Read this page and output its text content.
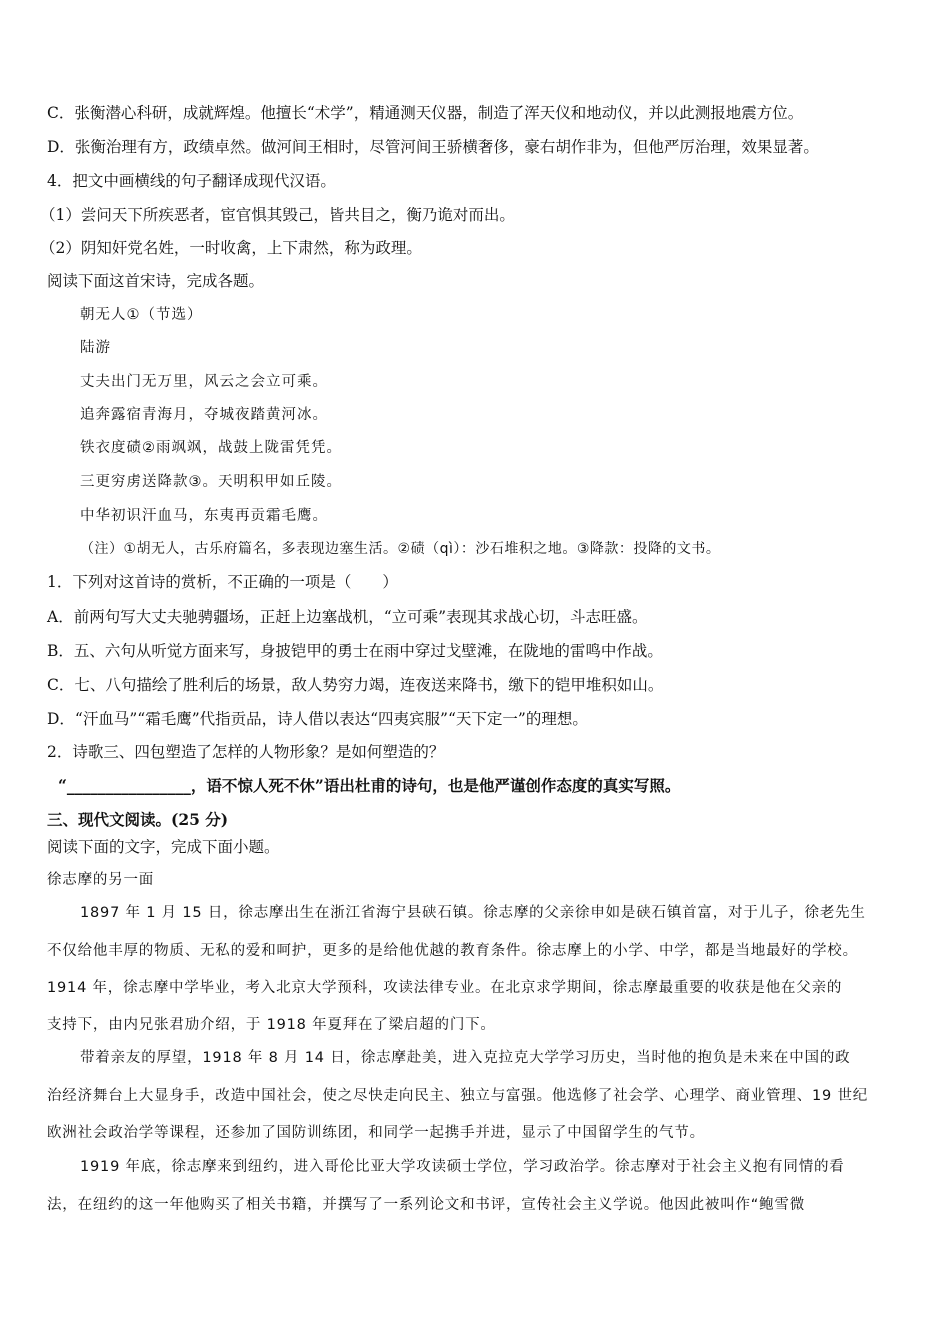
C．张衡潜心科研，成就辉煌。他擅长“术学”，精通测天仪器，制造了浑天仪和地动仪，并以此测报地震方位。
D．张衡治理有方，政绩卓然。做河间王相时，尽管河间王骄横奢侈，豪右胡作非为，但他严厉治理，效果显著。
4．把文中画横线的句子翻译成现代汉语。
（1）尝问天下所疾恶者，宦官惧其毁己，皆共目之，衡乃诡对而出。
（2）阴知奸党名姓，一时收禽，上下肃然，称为政理。
阅读下面这首宋诗，完成各题。
朝无人①（节选）
陆游
丈夫出门无万里，风云之会立可乘。
追奔露宿青海月，夺城夜踏黄河冰。
铁衣度碛②雨飒飒，战鼓上陇雷凭凭。
三更穷虏送降款③。天明积甲如丘陵。
中华初识汗血马，东夷再贡霜毛鹰。
（注）①胡无人，古乐府篇名，多表现边塞生活。②碛（qì）：沙石堆积之地。③降款：投降的文书。
1．下列对这首诗的赏析，不正确的一项是（　　）
A．前两句写大丈夫驰骋疆场，正赶上边塞战机，“立可乘”表现其求战心切，斗志旺盛。
B．五、六句从听觉方面来写，身披铠甲的勇士在雨中穿过戈壁滩，在陇地的雷鸣中作战。
C．七、八句描绘了胜利后的场景，敌人势穷力竭，连夜送来降书，缴下的铠甲堆积如山。
D．“汗血马”“霜毛鹰”代指贡品，诗人借以表达“四夷宾服”“天下定一”的理想。
2．诗歌三、四包塑造了怎样的人物形象？是如何塑造的？
“________________，语不惊人死不休”语出杜甫的诗句，也是他严谨创作态度的真实写照。
三、现代文阅读。(25 分)
阅读下面的文字，完成下面小题。
徐志摩的另一面
1897 年 1 月 15 日，徐志摩出生在浙江省海宁县硖石镇。徐志摩的父亲徐申如是硖石镇首富，对于儿子，徐老先生
不仅给他丰厚的物质、无私的爱和呵护，更多的是给他优越的教育条件。徐志摩上的小学、中学，都是当地最好的学校。
1914 年，徐志摩中学毕业，考入北京大学预科，攻读法律专业。在北京求学期间，徐志摩最重要的收获是他在父亲的
支持下，由内兄张君劢介绍，于 1918 年夏拜在了梁启超的门下。
带着亲友的厚望，1918 年 8 月 14 日，徐志摩赴美，进入克拉克大学学习历史，当时他的抱负是未来在中国的政
治经济舞台上大显身手，改造中国社会，使之尽快走向民主、独立与富强。他选修了社会学、心理学、商业管理、19 世纪
欧洲社会政治学等课程，还参加了国防训练团，和同学一起携手并进，显示了中国留学生的气节。
1919 年底，徐志摩来到纽约，进入哥伦比亚大学攻读硕士学位，学习政治学。徐志摩对于社会主义抱有同情的看
法，在纽约的这一年他购买了相关书籍，并撰写了一系列论文和书评，宣传社会主义学说。他因此被叫作“鲍雪微
